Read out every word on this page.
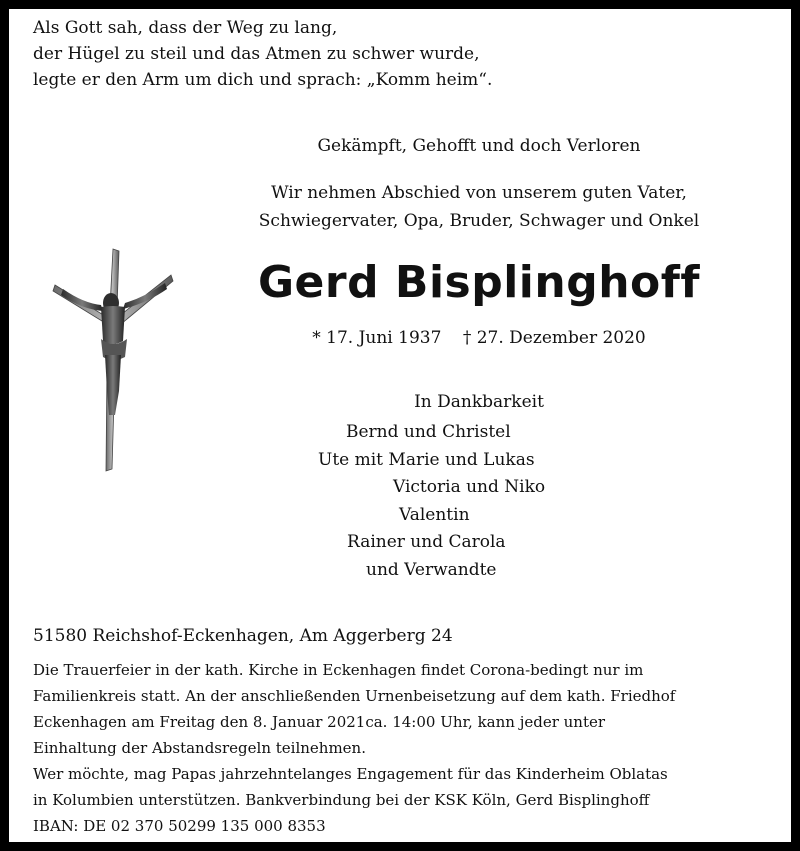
Als Gott sah, dass der Weg zu lang,
der Hügel zu steil und das Atmen zu schwer wurde,
legte er den Arm um dich und sprach: „Komm heim“.
Gekämpft, Gehofft und doch Verloren
Wir nehmen Abschied von unserem guten Vater,
Schwiegervater, Opa, Bruder, Schwager und Onkel
Gerd Bisplinghoff
* 17. Juni 1937 † 27. Dezember 2020
In Dankbarkeit
Bernd und Christel
Ute mit Marie und Lukas
Victoria und Niko
Valentin
Rainer und Carola
und Verwandte
51580 Reichshof-Eckenhagen, Am Aggerberg 24
Die Trauerfeier in der kath. Kirche in Eckenhagen findet Corona-bedingt nur im
Familienkreis statt. An der anschließenden Urnenbeisetzung auf dem kath. Friedhof
Eckenhagen am Freitag den 8. Januar 2021ca. 14:00 Uhr, kann jeder unter
Einhaltung der Abstandsregeln teilnehmen.
Wer möchte, mag Papas jahrzehntelanges Engagement für das Kinderheim Oblatas
in Kolumbien unterstützen. Bankverbindung bei der KSK Köln, Gerd Bisplinghoff
IBAN: DE 02 370 50299 135 000 8353
